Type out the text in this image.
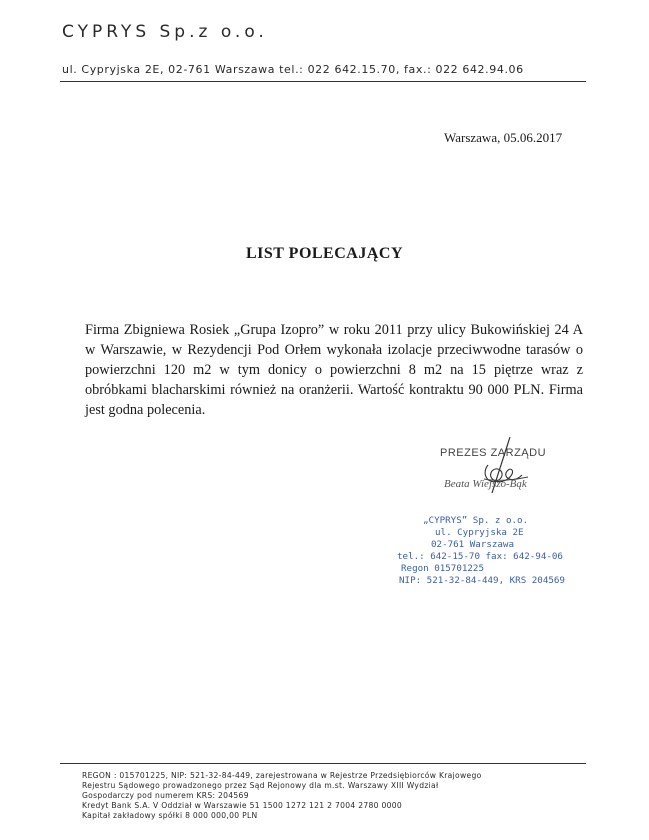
CYPRYS Sp.z o.o.
ul. Cypryjska 2E, 02-761 Warszawa tel.: 022 642.15.70, fax.: 022 642.94.06
Warszawa, 05.06.2017
LIST POLECAJĄCY
Firma Zbigniewa Rosiek „Grupa Izopro” w roku 2011 przy ulicy Bukowińskiej 24 A
w Warszawie, w Rezydencji Pod Orłem wykonała izolacje przeciwwodne tarasów o
powierzchni 120 m2 w tym donicy o powierzchni 8 m2 na 15 piętrze wraz z
obróbkami blacharskimi również na oranżerii. Wartość kontraktu 90 000 PLN. Firma
jest godna polecenia.
PREZES ZARZĄDU
Beata Wiejszo-Bąk
„CYPRYS” Sp. z o.o.
ul. Cypryjska 2E
02-761 Warszawa
tel.: 642-15-70 fax: 642-94-06
Regon 015701225
NIP: 521-32-84-449, KRS 204569
REGON : 015701225, NIP: 521-32-84-449, zarejestrowana w Rejestrze Przedsiębiorców Krajowego
Rejestru Sądowego prowadzonego przez Sąd Rejonowy dla m.st. Warszawy XIII Wydział
Gospodarczy pod numerem KRS: 204569
Kredyt Bank S.A. V Oddział w Warszawie 51 1500 1272 121 2 7004 2780 0000
Kapitał zakładowy spółki 8 000 000,00 PLN
